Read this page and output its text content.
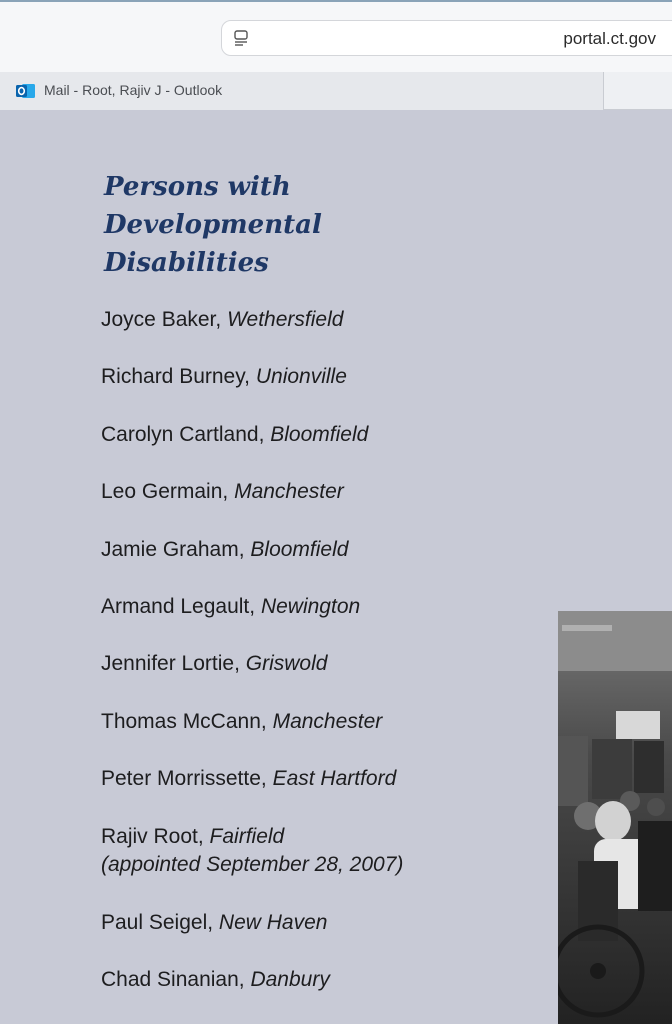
portal.ct.gov
Mail - Root, Rajiv J - Outlook
Persons with
Developmental
Disabilities
Joyce Baker, Wethersfield
Richard Burney, Unionville
Carolyn Cartland, Bloomfield
Leo Germain, Manchester
Jamie Graham, Bloomfield
Armand Legault, Newington
Jennifer Lortie, Griswold
Thomas McCann, Manchester
Peter Morrissette, East Hartford
Rajiv Root, Fairfield
(appointed September 28, 2007)
Paul Seigel, New Haven
Chad Sinanian, Danbury
